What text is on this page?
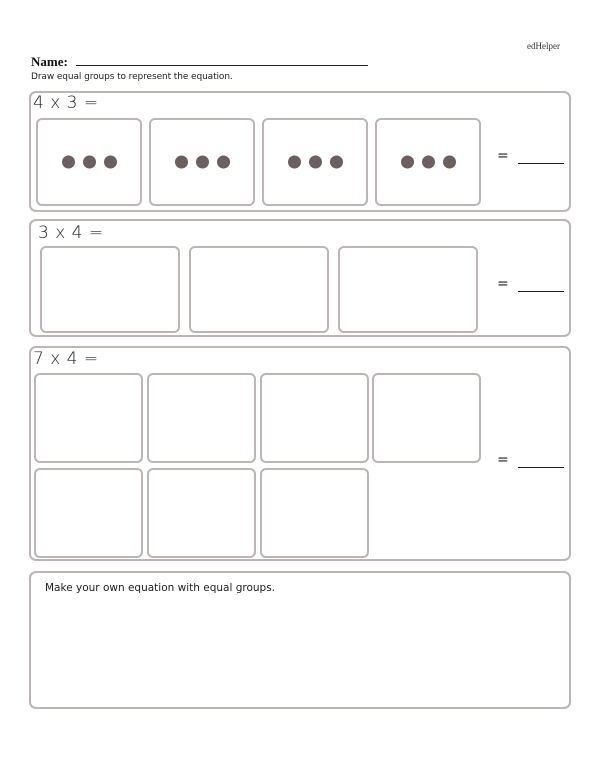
edHelper
Name:
Draw equal groups to represent the equation.
4 x 3 =
=
3 x 4 =
=
7 x 4 =
=
Make your own equation with equal groups.
